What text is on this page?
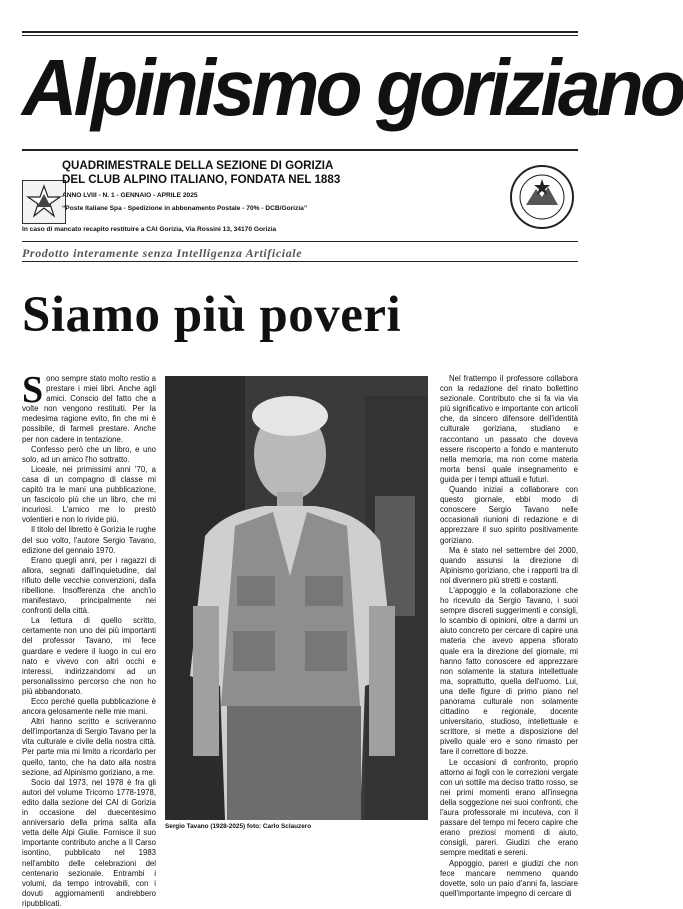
Alpinismo goriziano
QUADRIMESTRALE DELLA SEZIONE DI GORIZIA
DEL CLUB ALPINO ITALIANO, FONDATA NEL 1883
ANNO LVIII - N. 1 - GENNAIO - APRILE 2025
“Poste Italiane Spa - Spedizione in abbonamento Postale - 70% - DCB/Gorizia”
In caso di mancato recapito restituire a CAI Gorizia, Via Rossini 13, 34170 Gorizia
Prodotto interamente senza Intelligenza Artificiale
Siamo più poveri

Sono sempre stato molto restio a prestare i miei libri. Anche agli amici. Conscio del fatto che a volte non vengono restituiti. Per la medesima ragione evito, fin che mi è possibile, di farmeli prestare. Anche per non cadere in tentazione.

Confesso però che un libro, e uno solo, ad un amico l'ho sottratto.

Liceale, nei primissimi anni '70, a casa di un compagno di classe mi capitò tra le mani una pubblicazione, un fascicolo più che un libro, che mi incuriosì. L'amico me lo prestò volentieri e non lo rivide più.

Il titolo del libretto è Gorizia le rughe del suo volto, l'autore Sergio Tavano, edizione del gennaio 1970.

Erano quegli anni, per i ragazzi di allora, segnati dall'inquietudine, dal rifiuto delle vecchie convenzioni, dalla ribellione. Insofferenza che anch'io manifestavo, principalmente nei confronti della città.

La lettura di quello scritto, certamente non uno dei più importanti del professor Tavano, mi fece guardare e vedere il luogo in cui ero nato e vivevo con altri occhi e interessi, indirizzandomi ad un personalissimo percorso che non ho più abbandonato.

Ecco perché quella pubblicazione è ancora gelosamente nelle mie mani.

Altri hanno scritto e scriveranno dell'importanza di Sergio Tavano per la vita culturale e civile della nostra città. Per parte mia mi limito a ricordarlo per quello, tanto, che ha dato alla nostra sezione, ad Alpinismo goriziano, a me.

Socio dal 1973, nel 1978 è fra gli autori del volume Tricorno 1778-1978, edito dalla sezione del CAI di Gorizia in occasione del duecentesimo anniversario della prima salita alla vetta delle Alpi Giulie. Fornisce il suo importante contributo anche a Il Carso isontino, pubblicato nel 1983 nell'ambito delle celebrazioni del centenario sezionale. Entrambi i volumi, da tempo introvabili, con i dovuti aggiornamenti andrebbero ripubblicati.

Sergio Tavano (1928-2025) foto: Carlo Sclauzero

Nel frattempo il professore collabora con la redazione del rinato bollettino sezionale. Contributo che si fa via via più significativo e importante con articoli che, da sincero difensore dell'identità culturale goriziana, studiano e raccontano un passato che doveva essere riscoperto a fondo e mantenuto nella memoria, ma non come materia morta bensì quale insegnamento e guida per i tempi attuali e futuri.

Quando iniziai a collaborare con questo giornale, ebbi modo di conoscere Sergio Tavano nelle occasionali riunioni di redazione e di apprezzare il suo spirito positivamente goriziano.

Ma è stato nel settembre del 2000, quando assunsi la direzione di Alpinismo goriziano, che i rapporti tra di noi divennero più stretti e costanti.

L'appoggio e la collaborazione che ho ricevuto da Sergio Tavano, i suoi sempre discreti suggerimenti e consigli, lo scambio di opinioni, oltre a darmi un aiuto concreto per cercare di capire una materia che avevo appena sfiorato quale era la direzione del giornale, mi hanno fatto conoscere ed apprezzare non solamente la statura intellettuale ma, soprattutto, quella dell'uomo. Lui, una delle figure di primo piano nel panorama culturale non solamente cittadino e regionale, docente universitario, studioso, intellettuale e scrittore, si mette a disposizione del pivello quale ero e sono rimasto per fare il correttore di bozze.

Le occasioni di confronto, proprio attorno ai fogli con le correzioni vergate con un sottile ma deciso tratto rosso, se nei primi momenti erano all'insegna della soggezione nei suoi confronti, che l'aura professorale mi incuteva, con il passare del tempo mi fecero capire che erano preziosi momenti di aiuto, consigli, pareri. Giudizi che erano sempre meditati e sereni.

Appoggio, pareri e giudizi che non fece mancare nemmeno quando dovette, solo un paio d'anni fa, lasciare quell'importante impegno di cercare di
